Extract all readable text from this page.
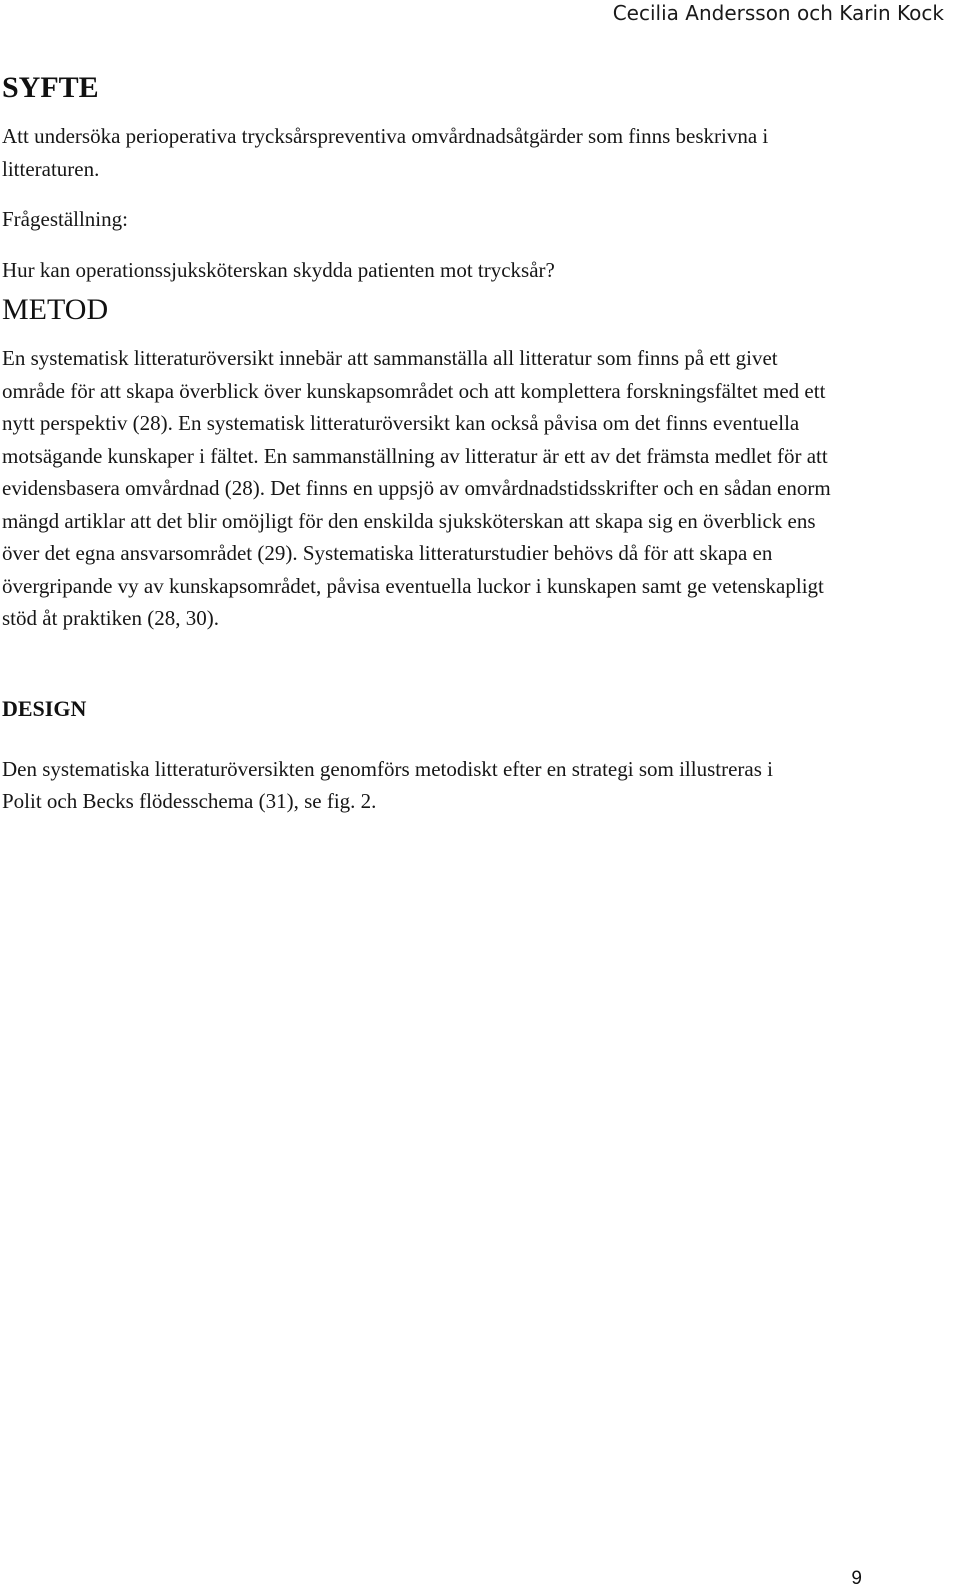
Cecilia Andersson och Karin Kock
SYFTE

Att undersöka perioperativa trycksårspreventiva omvårdnadsåtgärder som finns beskrivna i litteraturen.

Frågeställning:

Hur kan operationssjuksköterskan skydda patienten mot trycksår?

METOD

En systematisk litteraturöversikt innebär att sammanställa all litteratur som finns på ett givet område för att skapa överblick över kunskapsområdet och att komplettera forskningsfältet med ett nytt perspektiv (28). En systematisk litteraturöversikt kan också påvisa om det finns eventuella motsägande kunskaper i fältet. En sammanställning av litteratur är ett av det främsta medlet för att evidensbasera omvårdnad (28). Det finns en uppsjö av omvårdnadstidsskrifter och en sådan enorm mängd artiklar att det blir omöjligt för den enskilda sjuksköterskan att skapa sig en överblick ens över det egna ansvarsområdet (29). Systematiska litteraturstudier behövs då för att skapa en övergripande vy av kunskapsområdet, påvisa eventuella luckor i kunskapen samt ge vetenskapligt stöd åt praktiken (28, 30).

DESIGN

Den systematiska litteraturöversikten genomförs metodiskt efter en strategi som illustreras i Polit och Becks flödesschema (31), se fig. 2.

9
